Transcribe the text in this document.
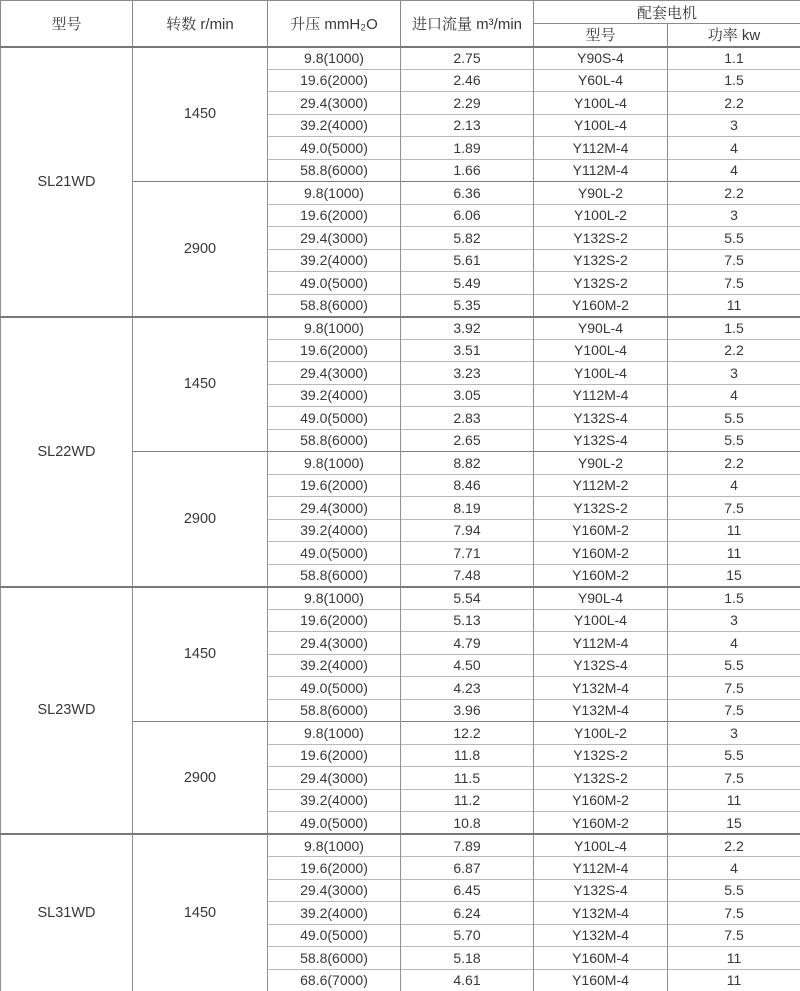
型号	转数 r/min	升压 mmH₂O	进口流量 m³/min	配套电机	
				型号	功率 kw
SL21WD	1450	9.8(1000)	2.75	Y90S-4	1.1
		19.6(2000)	2.46	Y60L-4	1.5
		29.4(3000)	2.29	Y100L-4	2.2
		39.2(4000)	2.13	Y100L-4	3
		49.0(5000)	1.89	Y112M-4	4
		58.8(6000)	1.66	Y112M-4	4
	2900	9.8(1000)	6.36	Y90L-2	2.2
		19.6(2000)	6.06	Y100L-2	3
		29.4(3000)	5.82	Y132S-2	5.5
		39.2(4000)	5.61	Y132S-2	7.5
		49.0(5000)	5.49	Y132S-2	7.5
		58.8(6000)	5.35	Y160M-2	11
SL22WD	1450	9.8(1000)	3.92	Y90L-4	1.5
		19.6(2000)	3.51	Y100L-4	2.2
		29.4(3000)	3.23	Y100L-4	3
		39.2(4000)	3.05	Y112M-4	4
		49.0(5000)	2.83	Y132S-4	5.5
		58.8(6000)	2.65	Y132S-4	5.5
	2900	9.8(1000)	8.82	Y90L-2	2.2
		19.6(2000)	8.46	Y112M-2	4
		29.4(3000)	8.19	Y132S-2	7.5
		39.2(4000)	7.94	Y160M-2	11
		49.0(5000)	7.71	Y160M-2	11
		58.8(6000)	7.48	Y160M-2	15
SL23WD	1450	9.8(1000)	5.54	Y90L-4	1.5
		19.6(2000)	5.13	Y100L-4	3
		29.4(3000)	4.79	Y112M-4	4
		39.2(4000)	4.50	Y132S-4	5.5
		49.0(5000)	4.23	Y132M-4	7.5
		58.8(6000)	3.96	Y132M-4	7.5
	2900	9.8(1000)	12.2	Y100L-2	3
		19.6(2000)	11.8	Y132S-2	5.5
		29.4(3000)	11.5	Y132S-2	7.5
		39.2(4000)	11.2	Y160M-2	11
		49.0(5000)	10.8	Y160M-2	15
SL31WD	1450	9.8(1000)	7.89	Y100L-4	2.2
		19.6(2000)	6.87	Y112M-4	4
		29.4(3000)	6.45	Y132S-4	5.5
		39.2(4000)	6.24	Y132M-4	7.5
		49.0(5000)	5.70	Y132M-4	7.5
		58.8(6000)	5.18	Y160M-4	11
		68.6(7000)	4.61	Y160M-4	11
